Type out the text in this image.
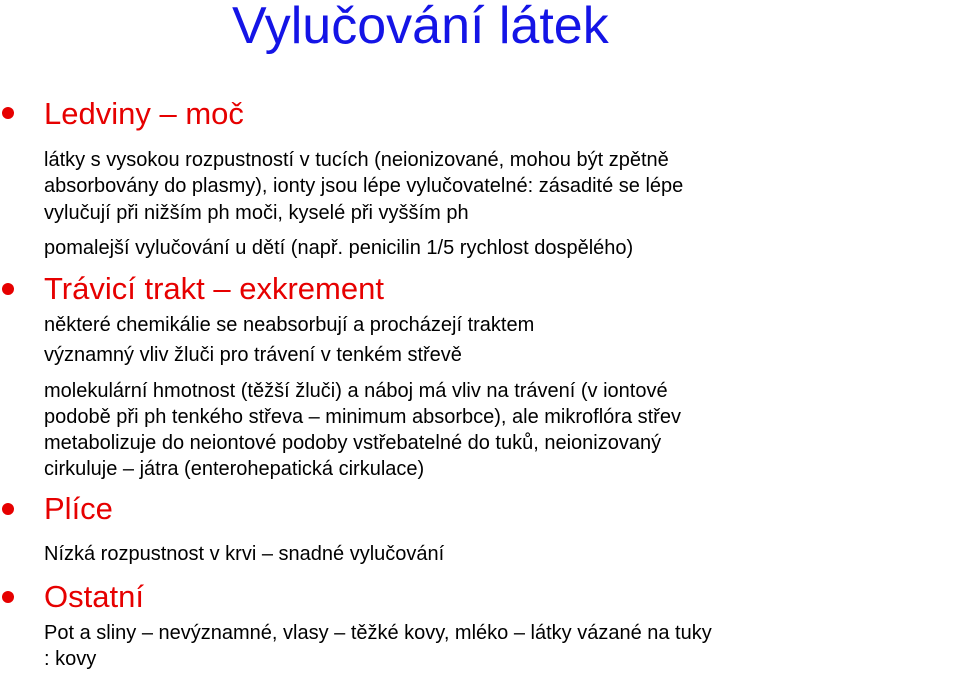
Vylučování látek
Ledviny – moč
látky s vysokou rozpustností v tucích (neionizované, mohou být zpětně
absorbovány do plasmy), ionty jsou lépe vylučovatelné: zásadité se lépe
vylučují při nižším ph moči, kyselé při vyšším ph
pomalejší vylučování u dětí (např. penicilin 1/5 rychlost dospělého)
Trávicí trakt – exkrement
některé chemikálie se neabsorbují a procházejí traktem
významný vliv žluči pro trávení v tenkém střevě
molekulární hmotnost (těžší žluči) a náboj má vliv na trávení (v iontové
podobě při ph tenkého střeva – minimum absorbce), ale mikroflóra střev
metabolizuje do neiontové podoby vstřebatelné do tuků, neionizovaný
cirkuluje – játra (enterohepatická cirkulace)
Plíce
Nízká rozpustnost v krvi – snadné vylučování
Ostatní
Pot a sliny – nevýznamné, vlasy – těžké kovy, mléko – látky vázané na tuky
: kovy
